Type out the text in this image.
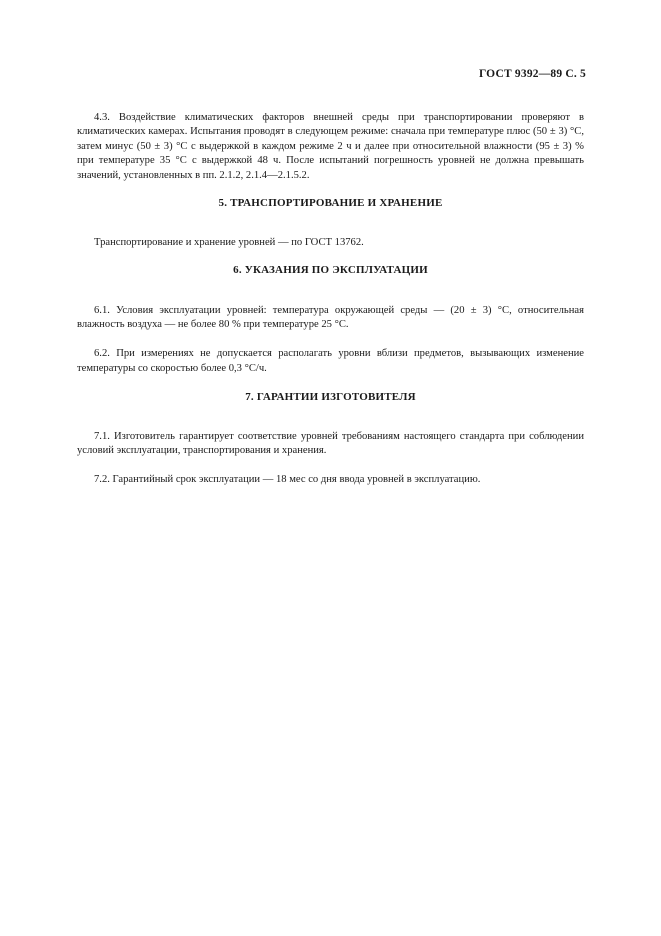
ГОСТ 9392—89 С. 5

4.3. Воздействие климатических факторов внешней среды при транспортировании проверяют в климатических камерах. Испытания проводят в следующем режиме: сначала при температуре плюс (50 ± 3) °С, затем минус (50 ± 3) °С с выдержкой в каждом режиме 2 ч и далее при относительной влажности (95 ± 3) % при температуре 35 °С с выдержкой 48 ч. После испытаний погрешность уровней не должна превышать значений, установленных в пп. 2.1.2, 2.1.4—2.1.5.2.

5. ТРАНСПОРТИРОВАНИЕ И ХРАНЕНИЕ

Транспортирование и хранение уровней — по ГОСТ 13762.

6. УКАЗАНИЯ ПО ЭКСПЛУАТАЦИИ

6.1. Условия эксплуатации уровней: температура окружающей среды — (20 ± 3) °С, относительная влажность воздуха — не более 80 % при температуре 25 °С.

6.2. При измерениях не допускается располагать уровни вблизи предметов, вызывающих изменение температуры со скоростью более 0,3 °С/ч.

7. ГАРАНТИИ ИЗГОТОВИТЕЛЯ

7.1. Изготовитель гарантирует соответствие уровней требованиям настоящего стандарта при соблюдении условий эксплуатации, транспортирования и хранения.

7.2. Гарантийный срок эксплуатации — 18 мес со дня ввода уровней в эксплуатацию.
